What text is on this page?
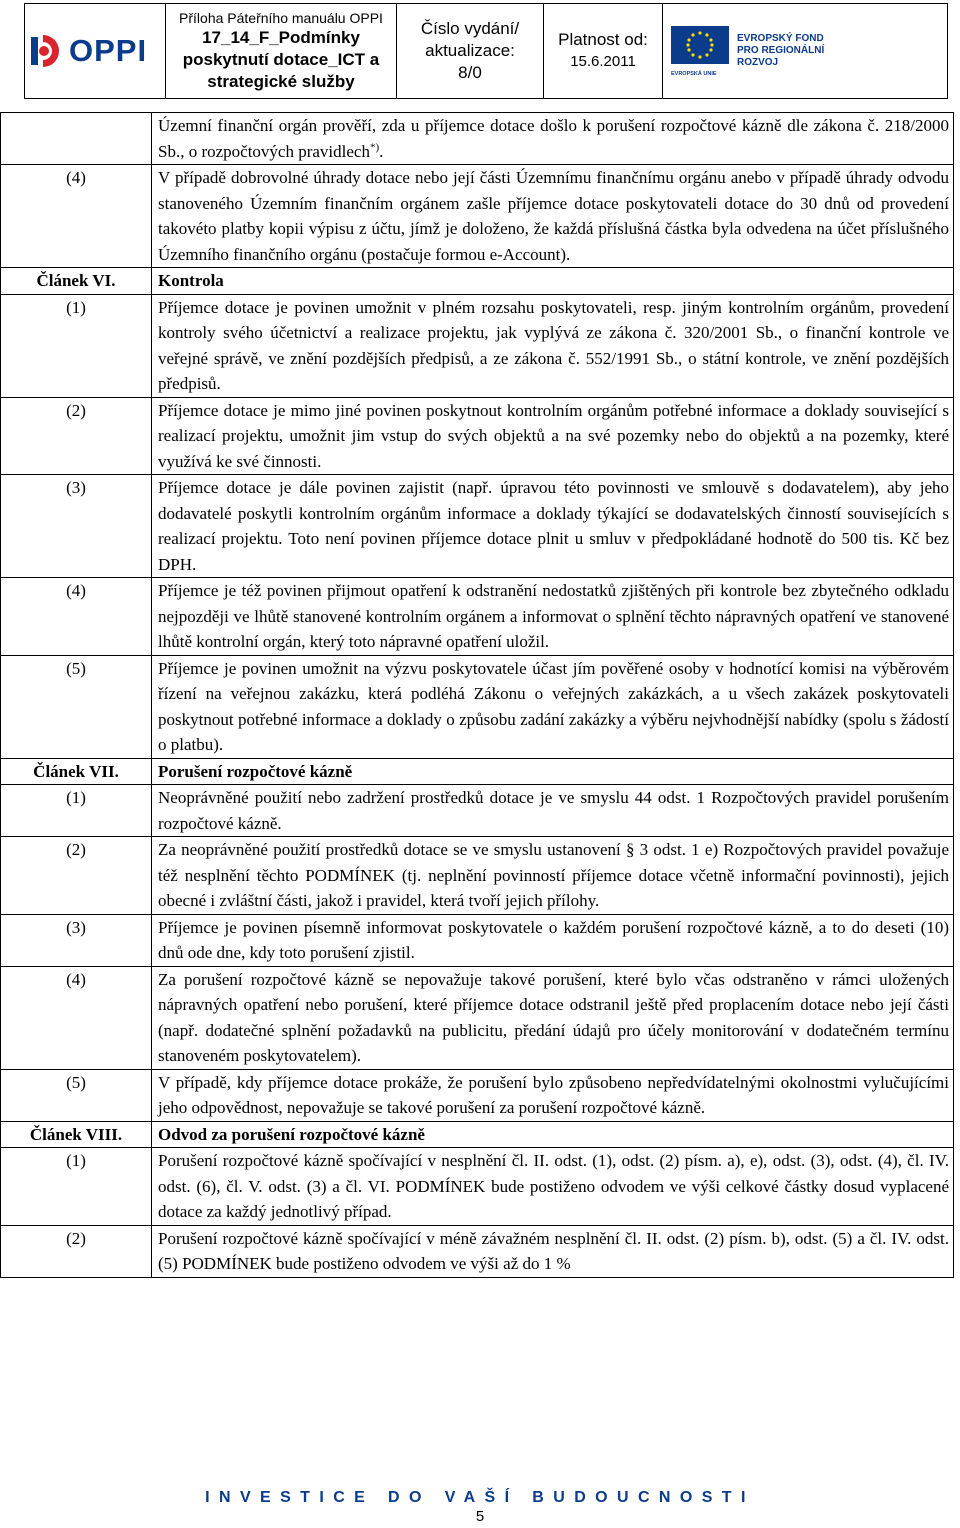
OPPI

Příloha Páteřního manuálu OPPI
17_14_F_Podmínky poskytnutí dotace_ICT a strategické služby

Číslo vydání/ aktualizace:
8/0

Platnost od:
15.6.2011

EVROPSKÁ UNIE
EVROPSKÝ FOND
PRO REGIONÁLNÍ
ROZVOJ
	Územní finanční orgán prověří, zda u příjemce dotace došlo k porušení rozpočtové kázně dle zákona č. 218/2000 Sb., o rozpočtových pravidlech*).

(4)	V případě dobrovolné úhrady dotace nebo její části Územnímu finančnímu orgánu anebo v případě úhrady odvodu stanoveného Územním finančním orgánem zašle příjemce dotace poskytovateli dotace do 30 dnů od provedení takovéto platby kopii výpisu z účtu, jímž je doloženo, že každá příslušná částka byla odvedena na účet příslušného Územního finančního orgánu (postačuje formou e-Account).

Článek VI.	Kontrola

(1)	Příjemce dotace je povinen umožnit v plném rozsahu poskytovateli, resp. jiným kontrolním orgánům, provedení kontroly svého účetnictví a realizace projektu, jak vyplývá ze zákona č. 320/2001 Sb., o finanční kontrole ve veřejné správě, ve znění pozdějších předpisů, a ze zákona č. 552/1991 Sb., o státní kontrole, ve znění pozdějších předpisů.

(2)	Příjemce dotace je mimo jiné povinen poskytnout kontrolním orgánům potřebné informace a doklady související s realizací projektu, umožnit jim vstup do svých objektů a na své pozemky nebo do objektů a na pozemky, které využívá ke své činnosti.

(3)	Příjemce dotace je dále povinen zajistit (např. úpravou této povinnosti ve smlouvě s dodavatelem), aby jeho dodavatelé poskytli kontrolním orgánům informace a doklady týkající se dodavatelských činností souvisejících s realizací projektu. Toto není povinen příjemce dotace plnit u smluv v předpokládané hodnotě do 500 tis. Kč bez DPH.

(4)	Příjemce je též povinen přijmout opatření k odstranění nedostatků zjištěných při kontrole bez zbytečného odkladu nejpozději ve lhůtě stanovené kontrolním orgánem a informovat o splnění těchto nápravných opatření ve stanovené lhůtě kontrolní orgán, který toto nápravné opatření uložil.

(5)	Příjemce je povinen umožnit na výzvu poskytovatele účast jím pověřené osoby v hodnotící komisi na výběrovém řízení na veřejnou zakázku, která podléhá Zákonu o veřejných zakázkách, a u všech zakázek poskytovateli poskytnout potřebné informace a doklady o způsobu zadání zakázky a výběru nejvhodnější nabídky (spolu s žádostí o platbu).

Článek VII.	Porušení rozpočtové kázně

(1)	Neoprávněné použití nebo zadržení prostředků dotace je ve smyslu 44 odst. 1 Rozpočtových pravidel porušením rozpočtové kázně.

(2)	Za neoprávněné použití prostředků dotace se ve smyslu ustanovení § 3 odst. 1 e) Rozpočtových pravidel považuje též nesplnění těchto PODMÍNEK (tj. neplnění povinností příjemce dotace včetně informační povinnosti), jejich obecné i zvláštní části, jakož i pravidel, která tvoří jejich přílohy.

(3)	Příjemce je povinen písemně informovat poskytovatele o každém porušení rozpočtové kázně, a to do deseti (10) dnů ode dne, kdy toto porušení zjistil.

(4)	Za porušení rozpočtové kázně se nepovažuje takové porušení, které bylo včas odstraněno v rámci uložených nápravných opatření nebo porušení, které příjemce dotace odstranil ještě před proplacením dotace nebo její části (např. dodatečné splnění požadavků na publicitu, předání údajů pro účely monitorování v dodatečném termínu stanoveném poskytovatelem).

(5)	V případě, kdy příjemce dotace prokáže, že porušení bylo způsobeno nepředvídatelnými okolnostmi vylučujícími jeho odpovědnost, nepovažuje se takové porušení za porušení rozpočtové kázně.

Článek VIII.	Odvod za porušení rozpočtové kázně

(1)	Porušení rozpočtové kázně spočívající v nesplnění čl. II. odst. (1), odst. (2) písm. a), e), odst. (3), odst. (4), čl. IV. odst. (6), čl. V. odst. (3) a čl. VI. PODMÍNEK bude postiženo odvodem ve výši celkové částky dosud vyplacené dotace za každý jednotlivý případ.

(2)	Porušení rozpočtové kázně spočívající v méně závažném nesplnění čl. II. odst. (2) písm. b), odst. (5) a čl. IV. odst. (5) PODMÍNEK bude postiženo odvodem ve výši až do 1 %
INVESTICE DO VAŠÍ BUDOUCNOSTI
5
